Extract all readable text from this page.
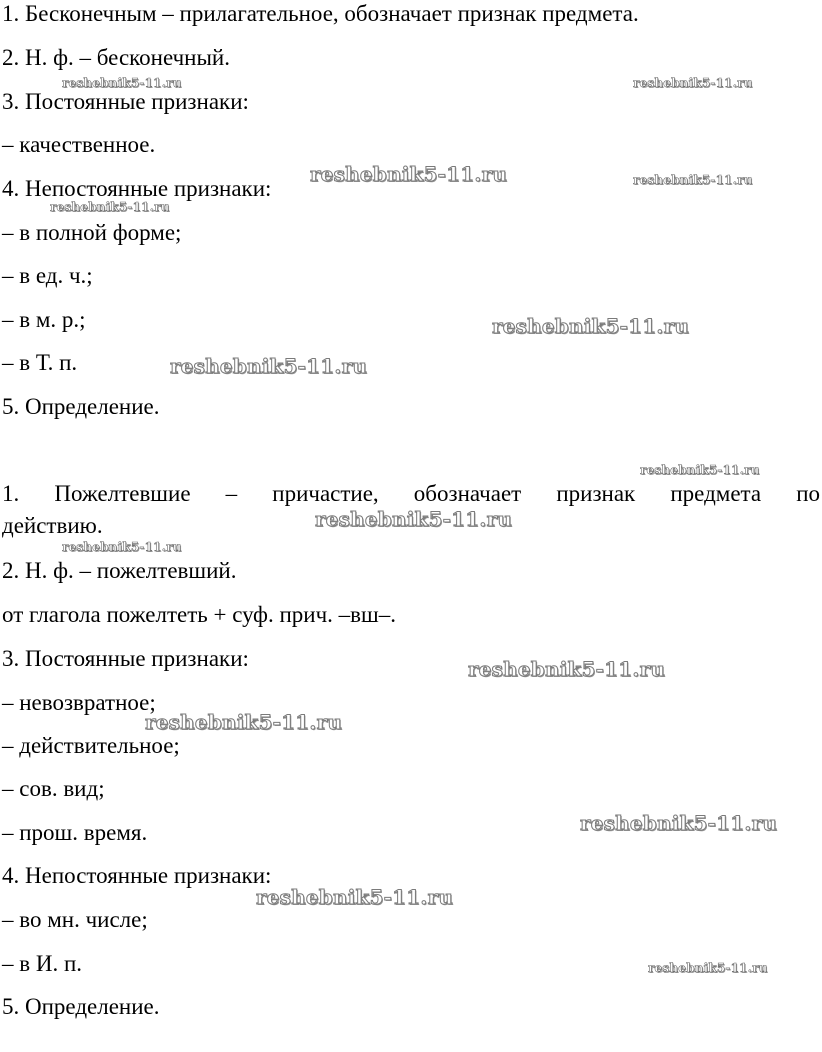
1. Бесконечным – прилагательное, обозначает признак предмета.
2. Н. ф. – бесконечный.
3. Постоянные признаки:
– качественное.
4. Непостоянные признаки:
– в полной форме;
– в ед. ч.;
– в м. р.;
– в Т. п.
5. Определение.
1. Пожелтевшие – причастие, обозначает признак предмета по
действию.
2. Н. ф. – пожелтевший.
от глагола пожелтеть + суф. прич. –вш–.
3. Постоянные признаки:
– невозвратное;
– действительное;
– сов. вид;
– прош. время.
4. Непостоянные признаки:
– во мн. числе;
– в И. п.
5. Определение.
reshebnik5-11.ru	reshebnik5-11.ru
reshebnik5-11.ru	reshebnik5-11.ru
reshebnik5-11.ru
reshebnik5-11.ru
reshebnik5-11.ru
reshebnik5-11.ru
reshebnik5-11.ru
reshebnik5-11.ru
reshebnik5-11.ru
reshebnik5-11.ru
reshebnik5-11.ru
reshebnik5-11.ru
reshebnik5-11.ru
